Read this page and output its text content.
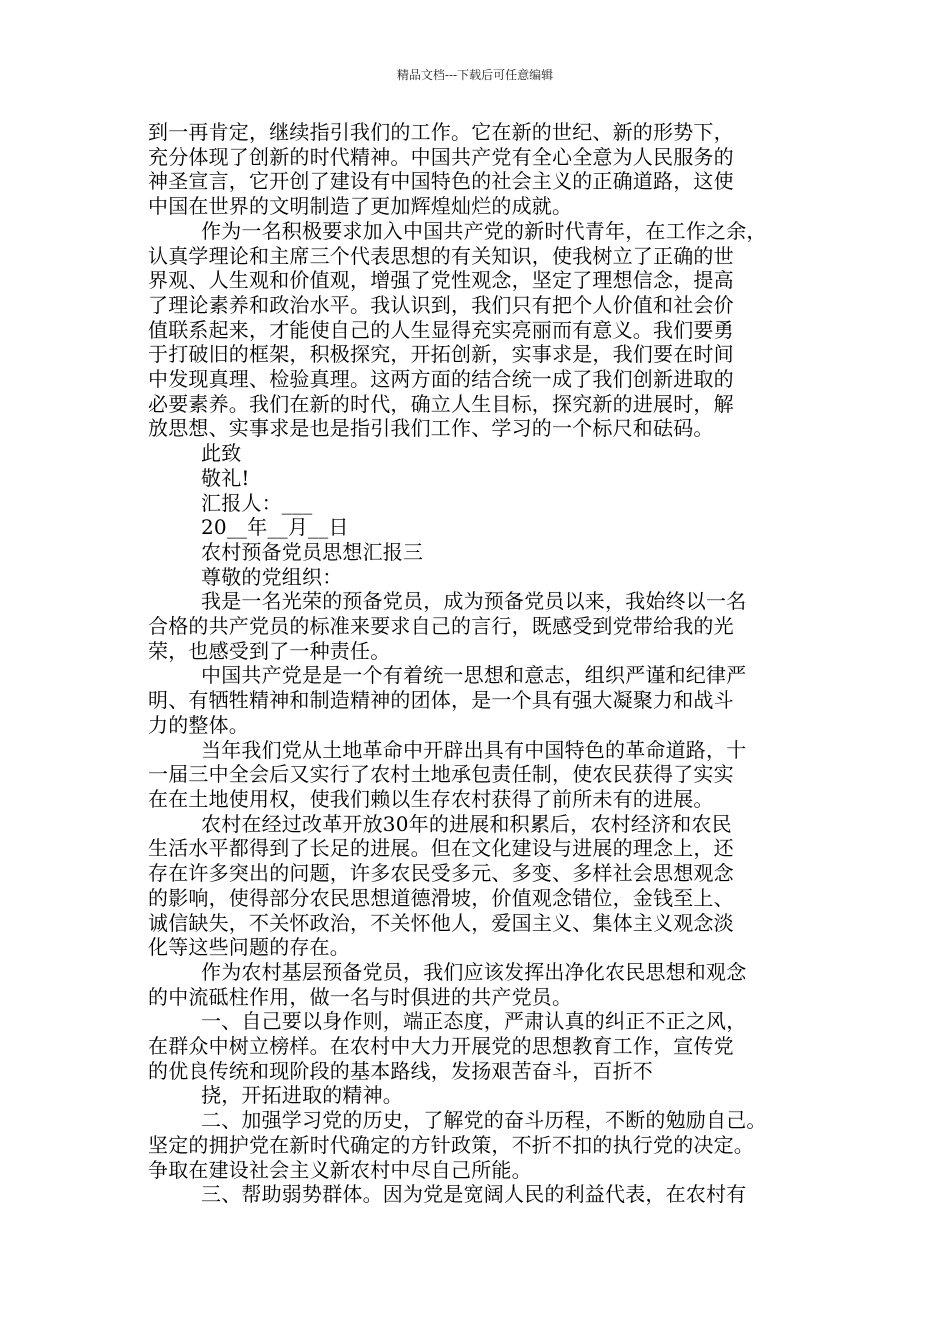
精品文档---下载后可任意编辑
到一再肯定，继续指引我们的工作。它在新的世纪、新的形势下，
充分体现了创新的时代精神。中国共产党有全心全意为人民服务的
神圣宣言，它开创了建设有中国特色的社会主义的正确道路，这使
中国在世界的文明制造了更加辉煌灿烂的成就。
作为一名积极要求加入中国共产党的新时代青年，在工作之余，
认真学理论和主席三个代表思想的有关知识，使我树立了正确的世
界观、人生观和价值观，增强了党性观念，坚定了理想信念，提高
了理论素养和政治水平。我认识到，我们只有把个人价值和社会价
值联系起来，才能使自己的人生显得充实亮丽而有意义。我们要勇
于打破旧的框架，积极探究，开拓创新，实事求是，我们要在时间
中发现真理、检验真理。这两方面的结合统一成了我们创新进取的
必要素养。我们在新的时代，确立人生目标，探究新的进展时，解
放思想、实事求是也是指引我们工作、学习的一个标尺和砝码。
此致
敬礼!
汇报人：___
20__年__月__日
农村预备党员思想汇报三
尊敬的党组织：
我是一名光荣的预备党员，成为预备党员以来，我始终以一名
合格的共产党员的标准来要求自己的言行，既感受到党带给我的光
荣，也感受到了一种责任。
中国共产党是是一个有着统一思想和意志，组织严谨和纪律严
明、有牺牲精神和制造精神的团体，是一个具有强大凝聚力和战斗
力的整体。
当年我们党从土地革命中开辟出具有中国特色的革命道路，十
一届三中全会后又实行了农村土地承包责任制，使农民获得了实实
在在土地使用权，使我们赖以生存农村获得了前所未有的进展。
农村在经过改革开放30年的进展和积累后，农村经济和农民
生活水平都得到了长足的进展。但在文化建设与进展的理念上，还
存在许多突出的问题，许多农民受多元、多变、多样社会思想观念
的影响，使得部分农民思想道德滑坡，价值观念错位，金钱至上、
诚信缺失，不关怀政治，不关怀他人，爱国主义、集体主义观念淡
化等这些问题的存在。
作为农村基层预备党员，我们应该发挥出净化农民思想和观念
的中流砥柱作用，做一名与时俱进的共产党员。
一、自己要以身作则，端正态度，严肃认真的纠正不正之风，
在群众中树立榜样。在农村中大力开展党的思想教育工作，宣传党
的优良传统和现阶段的基本路线，发扬艰苦奋斗，百折不
挠，开拓进取的精神。
二、加强学习党的历史，了解党的奋斗历程，不断的勉励自己。
坚定的拥护党在新时代确定的方针政策，不折不扣的执行党的决定。
争取在建设社会主义新农村中尽自己所能。
三、帮助弱势群体。因为党是宽阔人民的利益代表，在农村有
